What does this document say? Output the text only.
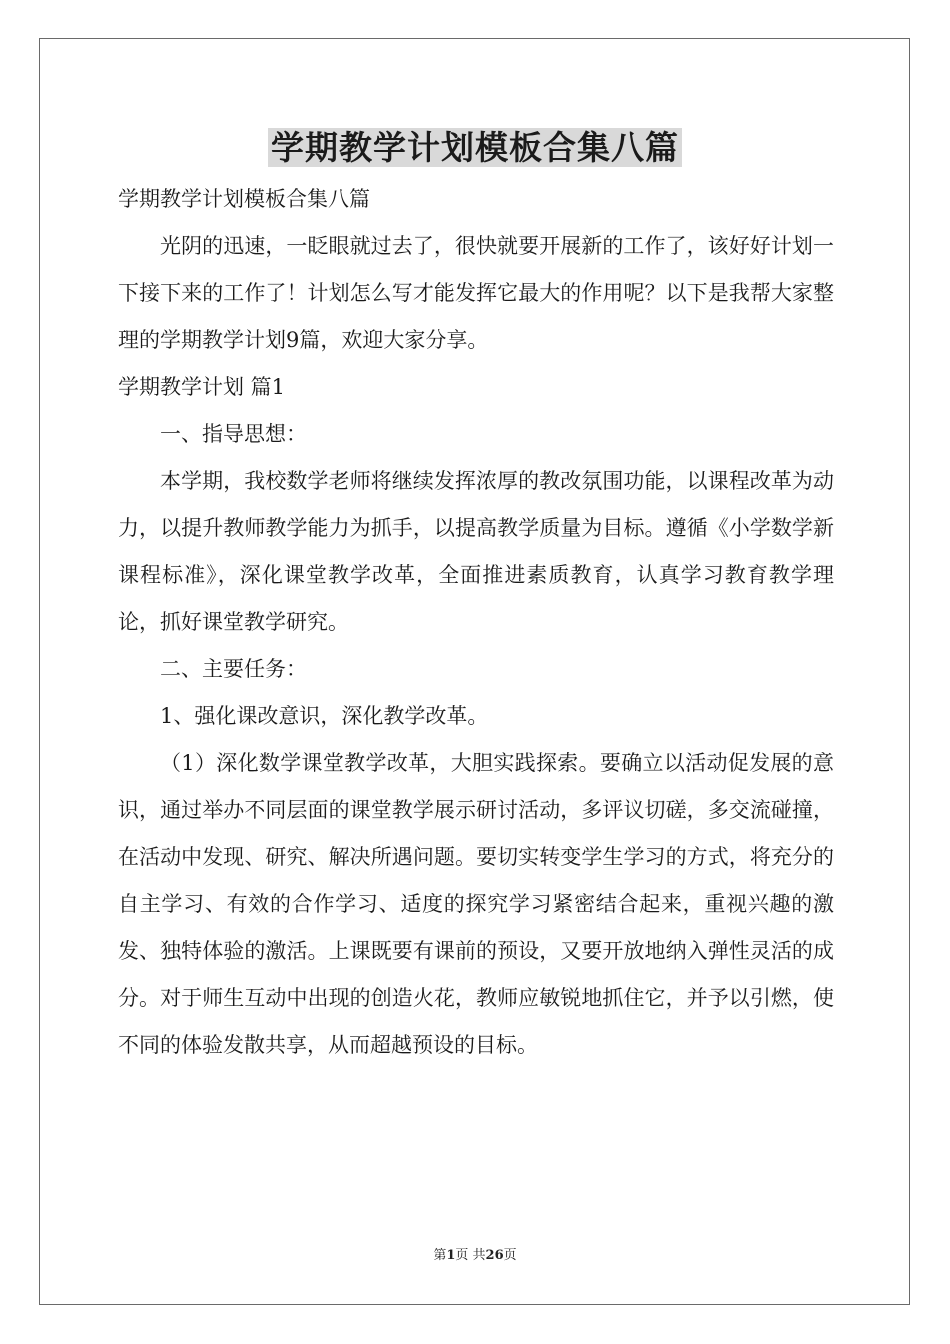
学期教学计划模板合集八篇

学期教学计划模板合集八篇

光阴的迅速，一眨眼就过去了，很快就要开展新的工作了，该好好计划一下接下来的工作了！计划怎么写才能发挥它最大的作用呢？以下是我帮大家整理的学期教学计划9篇，欢迎大家分享。

学期教学计划 篇1

一、指导思想：

本学期，我校数学老师将继续发挥浓厚的教改氛围功能，以课程改革为动力，以提升教师教学能力为抓手，以提高教学质量为目标。遵循《小学数学新课程标准》，深化课堂教学改革，全面推进素质教育，认真学习教育教学理论，抓好课堂教学研究。

二、主要任务：

1、强化课改意识，深化教学改革。

（1）深化数学课堂教学改革，大胆实践探索。要确立以活动促发展的意识，通过举办不同层面的课堂教学展示研讨活动，多评议切磋，多交流碰撞，在活动中发现、研究、解决所遇问题。要切实转变学生学习的方式，将充分的自主学习、有效的合作学习、适度的探究学习紧密结合起来，重视兴趣的激发、独特体验的激活。上课既要有课前的预设，又要开放地纳入弹性灵活的成分。对于师生互动中出现的创造火花，教师应敏锐地抓住它，并予以引燃，使不同的体验发散共享，从而超越预设的目标。

第1页 共26页
